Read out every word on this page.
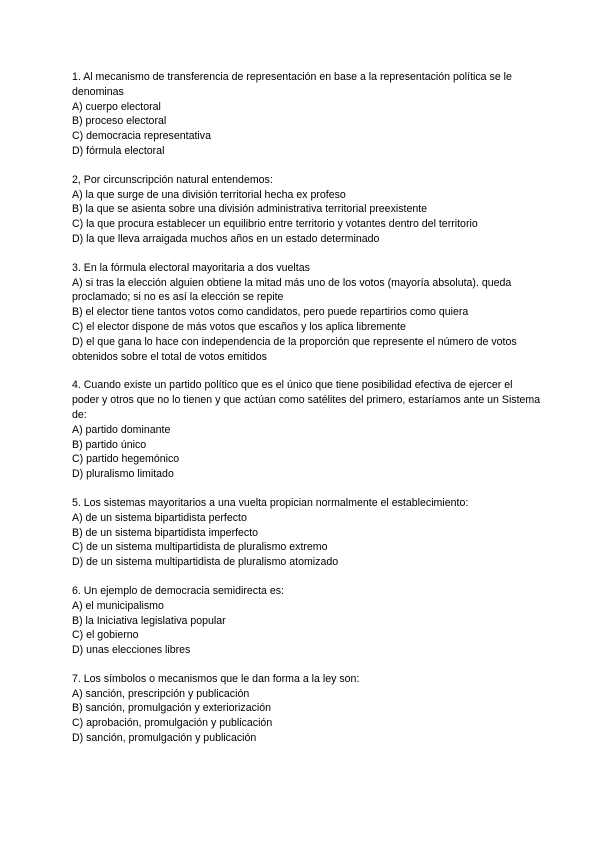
1. Al mecanismo de transferencia de representación en base a la representación política se le denominas
A) cuerpo electoral
B) proceso electoral
C) democracia representativa
D) fórmula electoral
2, Por circunscripción natural entendemos:
A) la que surge de una división territorial hecha ex profeso
B) la que se asienta sobre una división administrativa territorial preexistente
C) la que procura establecer un equilibrio entre territorio y votantes dentro del territorio
D) la que lleva arraigada muchos años en un estado determinado
3. En la fórmula electoral mayoritaria a dos vueltas
A) si tras la elección alguien obtiene la mitad más uno de los votos (mayoría absoluta). queda proclamado; si no es así la elección se repite
B) el elector tiene tantos votos como candidatos, pero puede repartirios como quiera
C) el elector dispone de más votos que escaños y los aplica libremente
D) el que gana lo hace con independencia de la proporción que represente el número de votos obtenidos sobre el total de votos emitidos
4. Cuando existe un partido político que es el único que tiene posibilidad efectiva de ejercer el poder y otros que no lo tienen y que actúan como satélites del primero, estaríamos ante un Sistema de:
A) partido dominante
B) partido único
C) partido hegemónico
D) pluralismo limitado
5. Los sistemas mayoritarios a una vuelta propician normalmente el establecimiento:
A) de un sistema bipartidista perfecto
B) de un sistema bipartidista imperfecto
C) de un sistema multipartidista de pluralismo extremo
D) de un sistema multipartidista de pluralismo atomizado
6. Un ejemplo de democracia semidirecta es:
A) el municipalismo
B) la Iniciativa legislativa popular
C) el gobierno
D) unas elecciones libres
7. Los símbolos o mecanismos que le dan forma a la ley son:
A) sanción, prescripción y publicación
B) sanción, promulgación y exteriorización
C) aprobación, promulgación y publicación
D) sanción, promulgación y publicación
